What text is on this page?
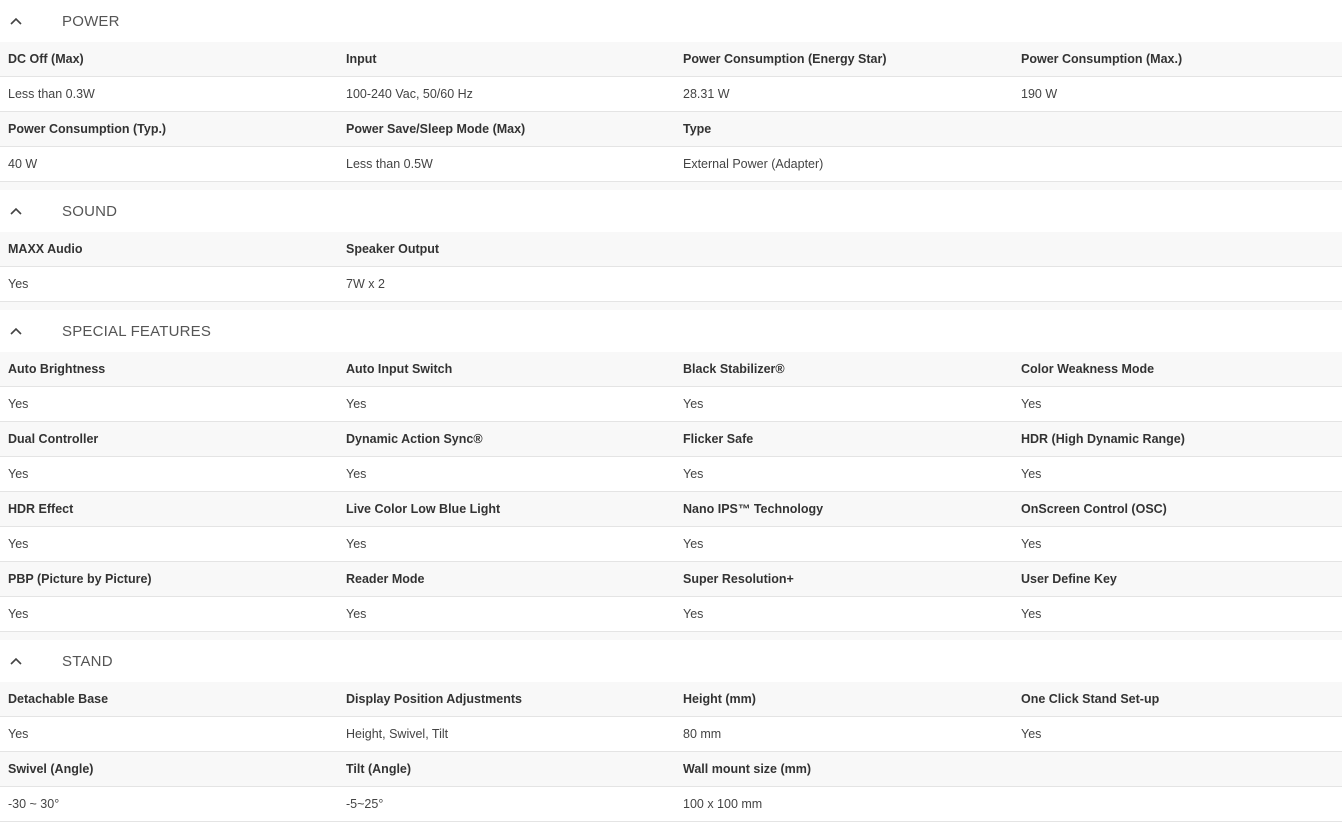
POWER
DC Off (Max)	Input	Power Consumption (Energy Star)	Power Consumption (Max.)
Less than 0.3W	100-240 Vac, 50/60 Hz	28.31 W	190 W
Power Consumption (Typ.)	Power Save/Sleep Mode (Max)	Type
40 W	Less than 0.5W	External Power (Adapter)
SOUND
MAXX Audio	Speaker Output
Yes	7W x 2
SPECIAL FEATURES
Auto Brightness	Auto Input Switch	Black Stabilizer®	Color Weakness Mode
Yes	Yes	Yes	Yes
Dual Controller	Dynamic Action Sync®	Flicker Safe	HDR (High Dynamic Range)
Yes	Yes	Yes	Yes
HDR Effect	Live Color Low Blue Light	Nano IPS™ Technology	OnScreen Control (OSC)
Yes	Yes	Yes	Yes
PBP (Picture by Picture)	Reader Mode	Super Resolution+	User Define Key
Yes	Yes	Yes	Yes
STAND
Detachable Base	Display Position Adjustments	Height (mm)	One Click Stand Set-up
Yes	Height, Swivel, Tilt	80 mm	Yes
Swivel (Angle)	Tilt (Angle)	Wall mount size (mm)
-30 ~ 30°	-5~25°	100 x 100 mm
